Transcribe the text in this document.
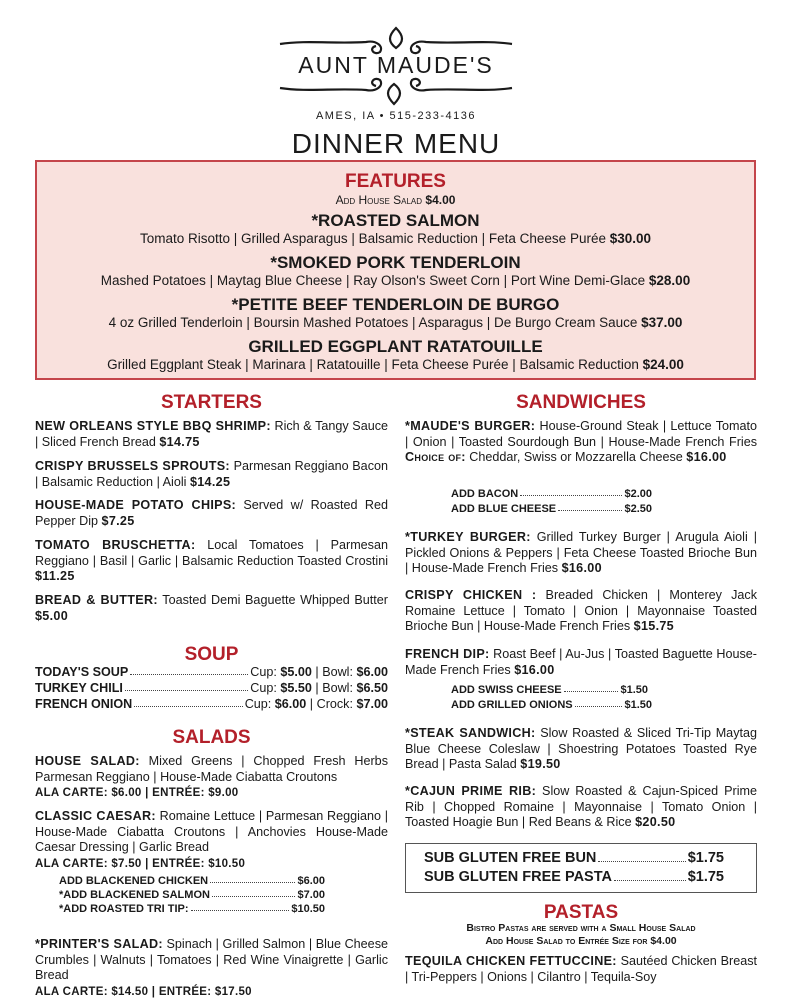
AUNT MAUDE'S
AMES, IA • 515-233-4136
DINNER MENU
FEATURES
Add House Salad $4.00
*ROASTED SALMON
Tomato Risotto | Grilled Asparagus | Balsamic Reduction | Feta Cheese Purée $30.00
*SMOKED PORK TENDERLOIN
Mashed Potatoes | Maytag Blue Cheese | Ray Olson's Sweet Corn | Port Wine Demi-Glace $28.00
*PETITE BEEF TENDERLOIN DE BURGO
4 oz Grilled Tenderloin | Boursin Mashed Potatoes | Asparagus | De Burgo Cream Sauce $37.00
GRILLED EGGPLANT RATATOUILLE
Grilled Eggplant Steak | Marinara | Ratatouille | Feta Cheese Purée | Balsamic Reduction $24.00
STARTERS
NEW ORLEANS STYLE BBQ SHRIMP: Rich & Tangy Sauce | Sliced French Bread $14.75
CRISPY BRUSSELS SPROUTS: Parmesan Reggiano Bacon | Balsamic Reduction | Aioli $14.25
HOUSE-MADE POTATO CHIPS: Served w/ Roasted Red Pepper Dip $7.25
TOMATO BRUSCHETTA: Local Tomatoes | Parmesan Reggiano | Basil | Garlic | Balsamic Reduction Toasted Crostini $11.25
BREAD & BUTTER: Toasted Demi Baguette Whipped Butter $5.00
SOUP
TODAY'S SOUP	Cup: $5.00 | Bowl: $6.00
TURKEY CHILI	Cup: $5.50 | Bowl: $6.50
FRENCH ONION	Cup: $6.00 | Crock: $7.00
SALADS
HOUSE SALAD: Mixed Greens | Chopped Fresh Herbs Parmesan Reggiano | House-Made Ciabatta Croutons
ALA CARTE: $6.00 | ENTRÉE: $9.00
CLASSIC CAESAR: Romaine Lettuce | Parmesan Reggiano | House-Made Ciabatta Croutons | Anchovies House-Made Caesar Dressing | Garlic Bread
ALA CARTE: $7.50 | ENTRÉE: $10.50
ADD BLACKENED CHICKEN	$6.00
*ADD BLACKENED SALMON	$7.00
*ADD ROASTED TRI TIP:	$10.50
*PRINTER'S SALAD: Spinach | Grilled Salmon | Blue Cheese Crumbles | Walnuts | Tomatoes | Red Wine Vinaigrette | Garlic Bread
ALA CARTE: $14.50 | ENTRÉE: $17.50
SANDWICHES
*MAUDE'S BURGER: House-Ground Steak | Lettuce Tomato | Onion | Toasted Sourdough Bun | House-Made French Fries Choice of: Cheddar, Swiss or Mozzarella Cheese $16.00
ADD BACON	$2.00
ADD BLUE CHEESE	$2.50
*TURKEY BURGER: Grilled Turkey Burger | Arugula Aioli | Pickled Onions & Peppers | Feta Cheese Toasted Brioche Bun | House-Made French Fries $16.00
CRISPY CHICKEN : Breaded Chicken | Monterey Jack Romaine Lettuce | Tomato | Onion | Mayonnaise Toasted Brioche Bun | House-Made French Fries $15.75
FRENCH DIP: Roast Beef | Au-Jus | Toasted Baguette House-Made French Fries $16.00
ADD SWISS CHEESE	$1.50
ADD GRILLED ONIONS	$1.50
*STEAK SANDWICH: Slow Roasted & Sliced Tri-Tip Maytag Blue Cheese Coleslaw | Shoestring Potatoes Toasted Rye Bread | Pasta Salad $19.50
*CAJUN PRIME RIB: Slow Roasted & Cajun-Spiced Prime Rib | Chopped Romaine | Mayonnaise | Tomato Onion | Toasted Hoagie Bun | Red Beans & Rice $20.50
SUB GLUTEN FREE BUN	$1.75
SUB GLUTEN FREE PASTA	$1.75
PASTAS
Bistro Pastas are served with a Small House Salad
Add House Salad to Entrée Size for $4.00
TEQUILA CHICKEN FETTUCCINE: Sautéed Chicken Breast | Tri-Peppers | Onions | Cilantro | Tequila-Soy
